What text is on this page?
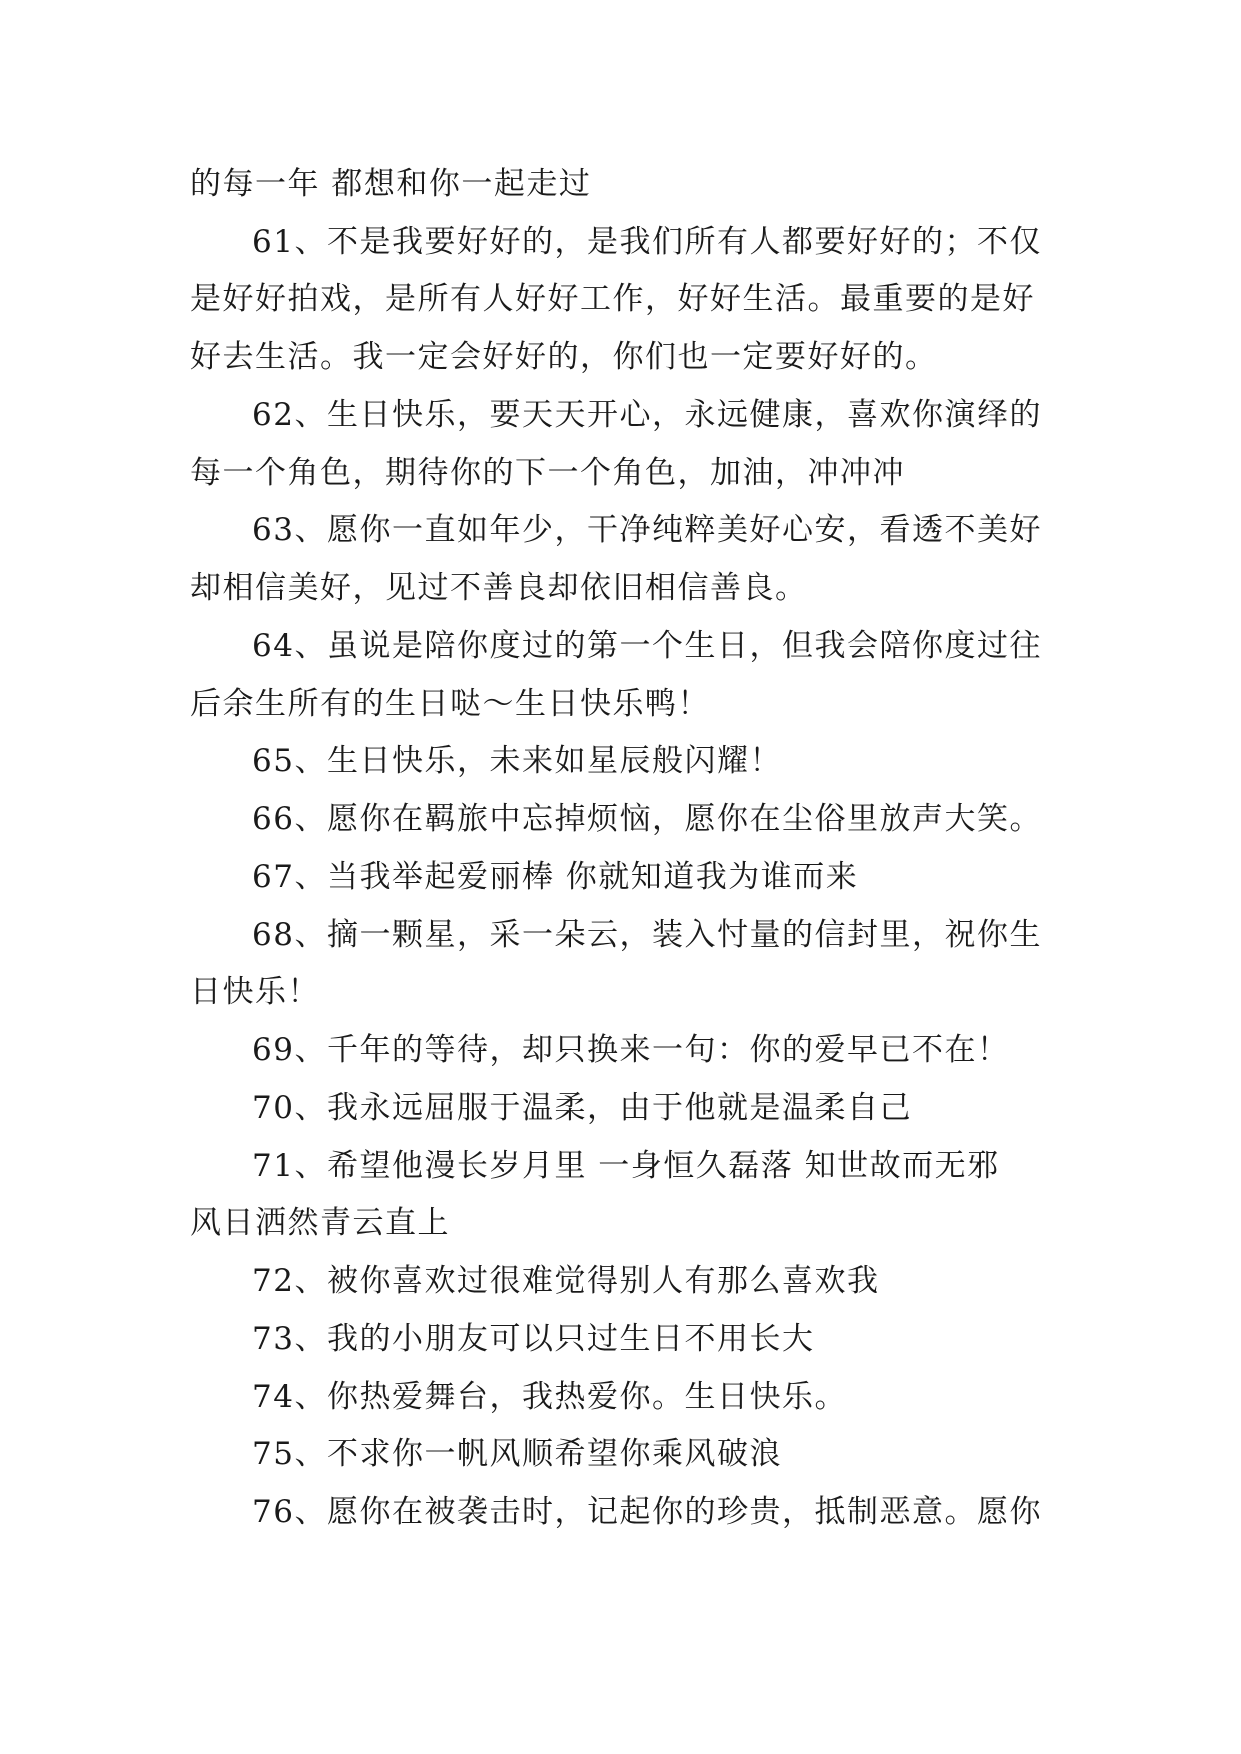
的每一年 都想和你一起走过
61、不是我要好好的，是我们所有人都要好好的；不仅
是好好拍戏，是所有人好好工作，好好生活。最重要的是好
好去生活。我一定会好好的，你们也一定要好好的。
62、生日快乐，要天天开心，永远健康，喜欢你演绎的
每一个角色，期待你的下一个角色，加油，冲冲冲
63、愿你一直如年少，干净纯粹美好心安，看透不美好
却相信美好，见过不善良却依旧相信善良。
64、虽说是陪你度过的第一个生日，但我会陪你度过往
后余生所有的生日哒～生日快乐鸭！
65、生日快乐，未来如星辰般闪耀！
66、愿你在羁旅中忘掉烦恼，愿你在尘俗里放声大笑。
67、当我举起爱丽棒 你就知道我为谁而来
68、摘一颗星，采一朵云，装入忖量的信封里，祝你生
日快乐！
69、千年的等待，却只换来一句：你的爱早已不在！
70、我永远屈服于温柔，由于他就是温柔自己
71、希望他漫长岁月里 一身恒久磊落 知世故而无邪
风日洒然青云直上
72、被你喜欢过很难觉得别人有那么喜欢我
73、我的小朋友可以只过生日不用长大
74、你热爱舞台，我热爱你。生日快乐。
75、不求你一帆风顺希望你乘风破浪
76、愿你在被袭击时，记起你的珍贵，抵制恶意。愿你
